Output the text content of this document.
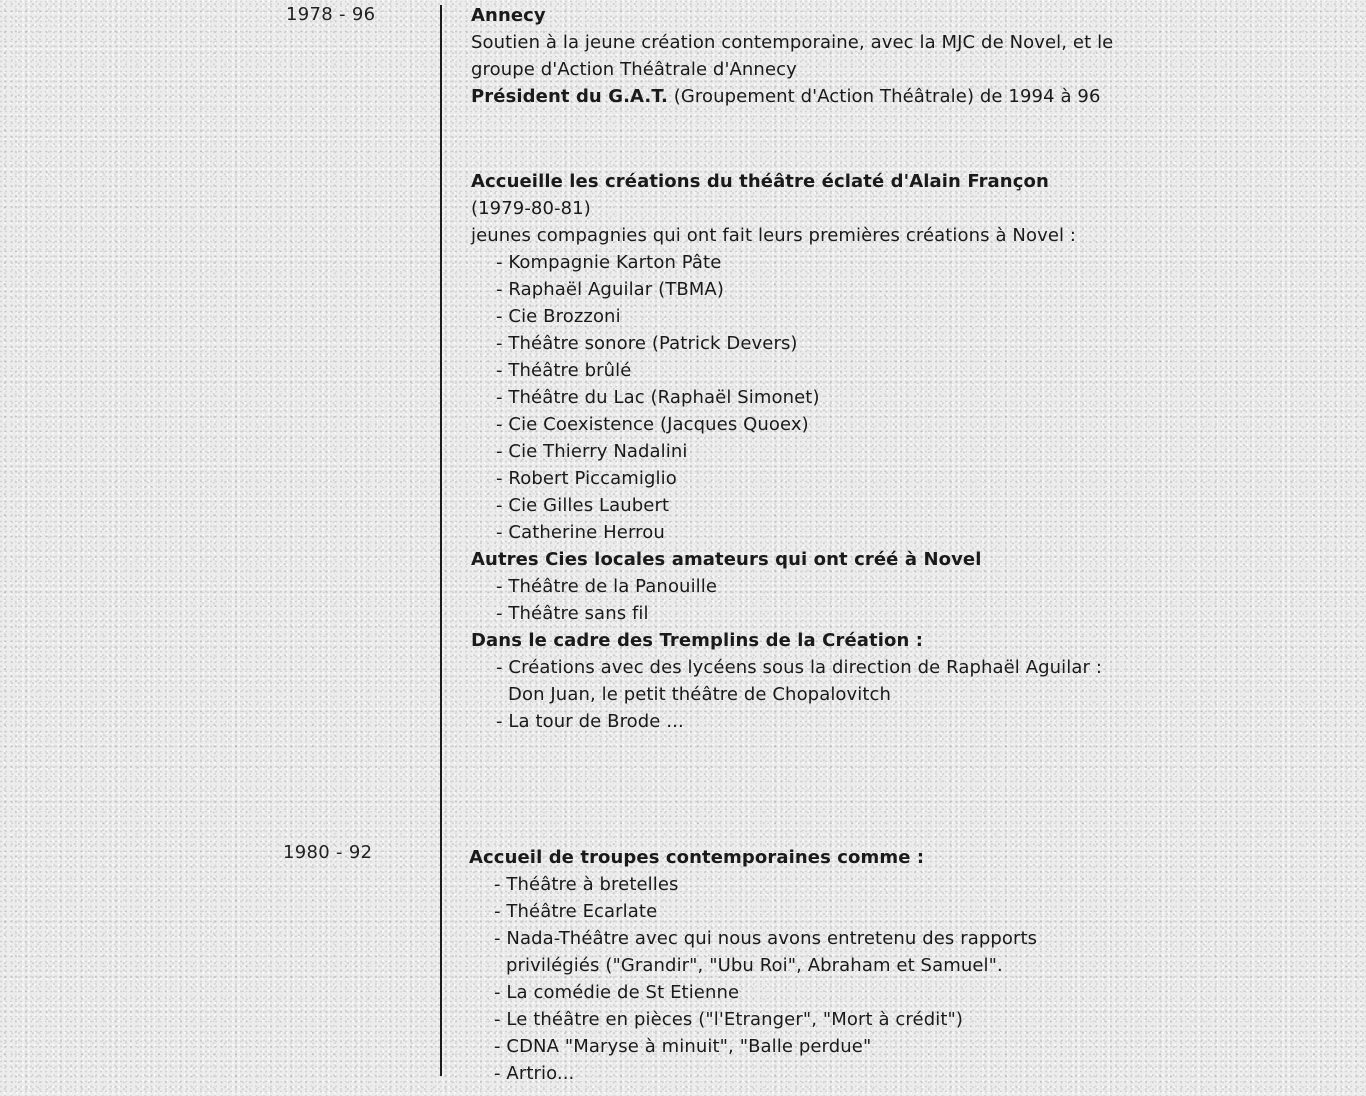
1978 - 96	Annecy
Soutien à la jeune création contemporaine, avec la MJC de Novel, et le
groupe d'Action Théâtrale d'Annecy
Président du G.A.T. (Groupement d'Action Théâtrale) de 1994 à 96
Accueille les créations du théâtre éclaté d'Alain Françon
(1979-80-81)
jeunes compagnies qui ont fait leurs premières créations à Novel :
- Kompagnie Karton Pâte
- Raphaël Aguilar (TBMA)
- Cie Brozzoni
- Théâtre sonore (Patrick Devers)
- Théâtre brûlé
- Théâtre du Lac (Raphaël Simonet)
- Cie Coexistence (Jacques Quoex)
- Cie Thierry Nadalini
- Robert Piccamiglio
- Cie Gilles Laubert
- Catherine Herrou
Autres Cies locales amateurs qui ont créé à Novel
- Théâtre de la Panouille
- Théâtre sans fil
Dans le cadre des Tremplins de la Création :
- Créations avec des lycéens sous la direction de Raphaël Aguilar :
Don Juan, le petit théâtre de Chopalovitch
- La tour de Brode ...
1980 - 92	Accueil de troupes contemporaines comme :
- Théâtre à bretelles
- Théâtre Ecarlate
- Nada-Théâtre avec qui nous avons entretenu des rapports
privilégiés ("Grandir", "Ubu Roi", Abraham et Samuel".
- La comédie de St Etienne
- Le théâtre en pièces ("l'Etranger", "Mort à crédit")
- CDNA "Maryse à minuit", "Balle perdue"
- Artrio...
